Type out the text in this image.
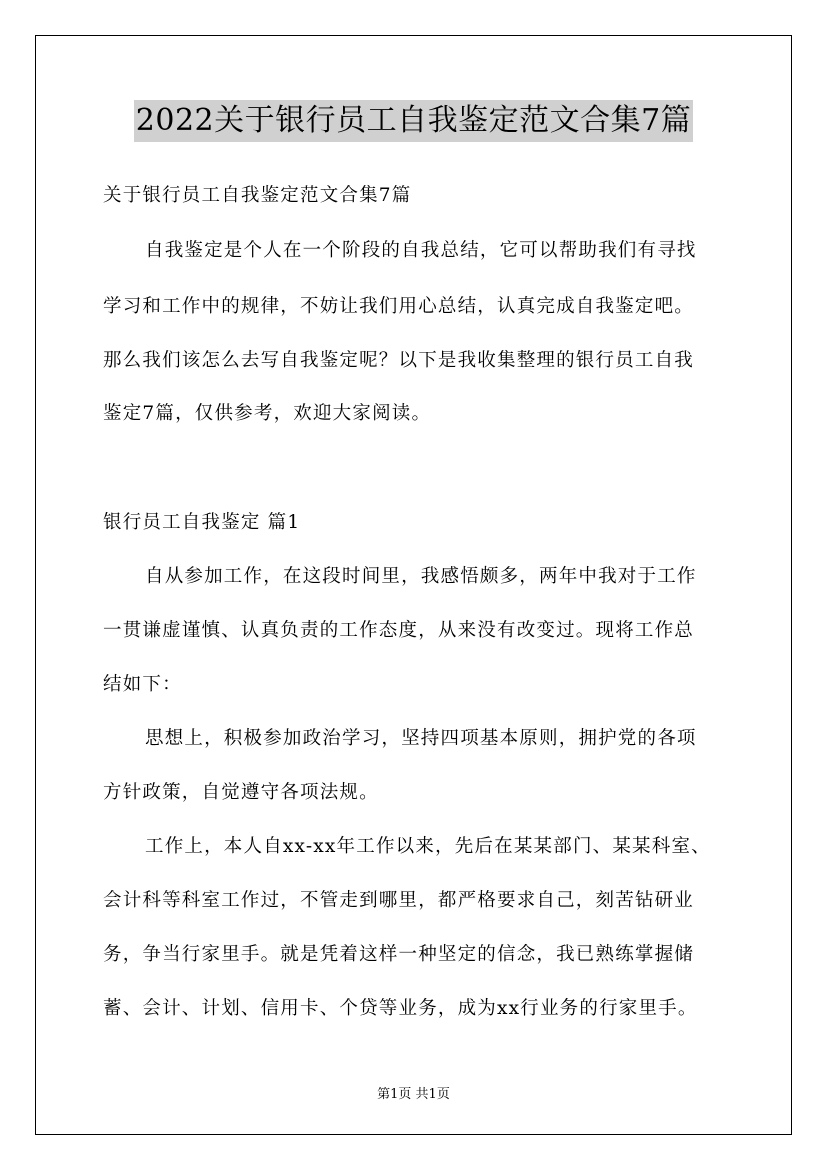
2022关于银行员工自我鉴定范文合集7篇
关于银行员工自我鉴定范文合集7篇
自我鉴定是个人在一个阶段的自我总结，它可以帮助我们有寻找
学习和工作中的规律，不妨让我们用心总结，认真完成自我鉴定吧。
那么我们该怎么去写自我鉴定呢？以下是我收集整理的银行员工自我
鉴定7篇，仅供参考，欢迎大家阅读。
银行员工自我鉴定 篇1
自从参加工作，在这段时间里，我感悟颇多，两年中我对于工作
一贯谦虚谨慎、认真负责的工作态度，从来没有改变过。现将工作总
结如下：
思想上，积极参加政治学习，坚持四项基本原则，拥护党的各项
方针政策，自觉遵守各项法规。
工作上，本人自xx-xx年工作以来，先后在某某部门、某某科室、
会计科等科室工作过，不管走到哪里，都严格要求自己，刻苦钻研业
务，争当行家里手。就是凭着这样一种坚定的信念，我已熟练掌握储
蓄、会计、计划、信用卡、个贷等业务，成为xx行业务的行家里手。
第1页 共1页
